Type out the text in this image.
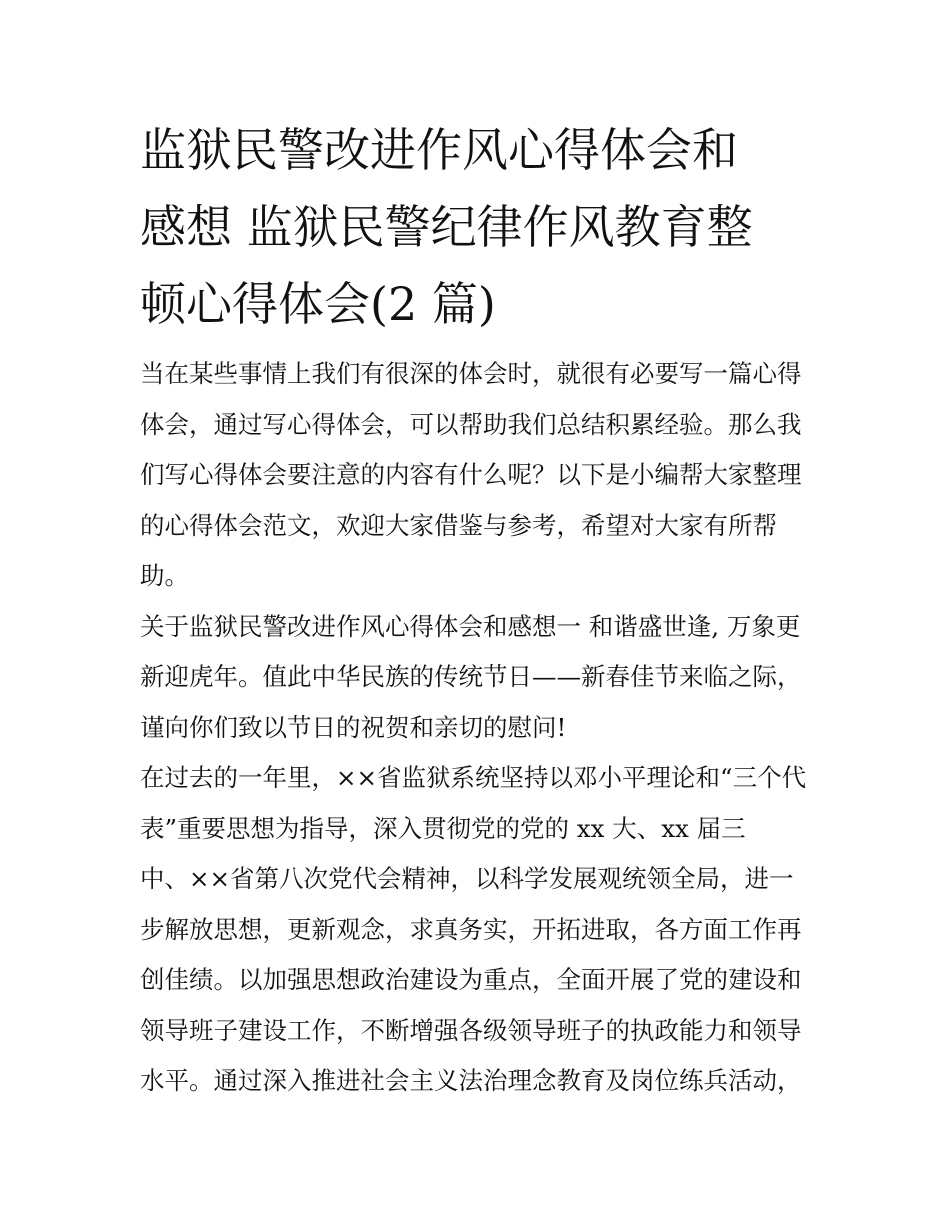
监狱民警改进作风心得体会和
感想 监狱民警纪律作风教育整
顿心得体会(2 篇)

当在某些事情上我们有很深的体会时，就很有必要写一篇心得
体会，通过写心得体会，可以帮助我们总结积累经验。那么我
们写心得体会要注意的内容有什么呢？以下是小编帮大家整理
的心得体会范文，欢迎大家借鉴与参考，希望对大家有所帮
助。

关于监狱民警改进作风心得体会和感想一 和谐盛世逢, 万象更
新迎虎年。值此中华民族的传统节日——新春佳节来临之际，
谨向你们致以节日的祝贺和亲切的慰问!

在过去的一年里，××省监狱系统坚持以邓小平理论和“三个代
表”重要思想为指导，深入贯彻党的党的 xx 大、xx 届三
中、××省第八次党代会精神，以科学发展观统领全局，进一
步解放思想，更新观念，求真务实，开拓进取，各方面工作再
创佳绩。以加强思想政治建设为重点，全面开展了党的建设和
领导班子建设工作，不断增强各级领导班子的执政能力和领导
水平。通过深入推进社会主义法治理念教育及岗位练兵活动，
